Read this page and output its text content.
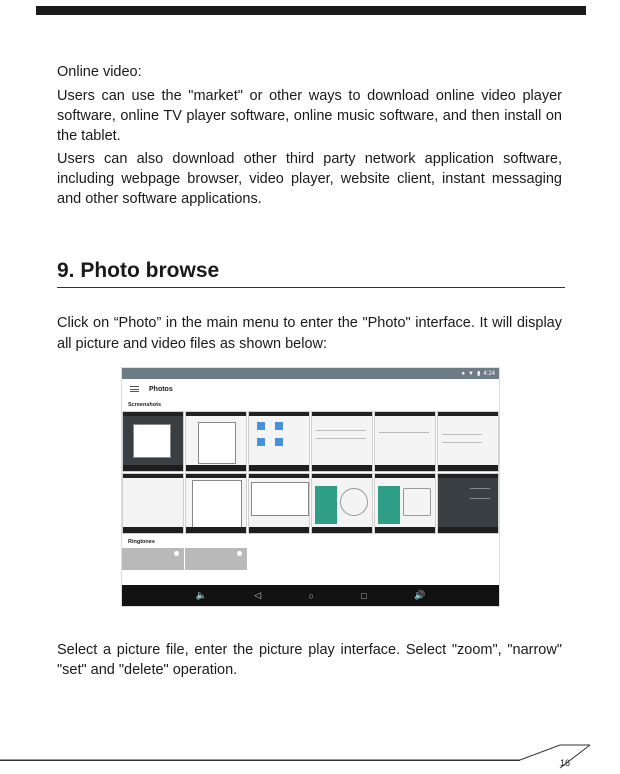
Online video:
Users can use the "market" or other ways to download online video player software, online TV player software, online music software, and then install on the tablet.
Users can also download other third party network application software, including webpage browser, video player, website client, instant messaging and other software applications.
9. Photo browse
Click on “Photo” in the main menu to enter the "Photo" interface. It will display all picture and video files as shown below:
● ▼ ▮ 4:24
Photos
Screenshots
Ringtones
🔈	◁	○	□	🔊
Select a picture file, enter the picture play interface. Select "zoom", "narrow" "set" and "delete" operation.
16
